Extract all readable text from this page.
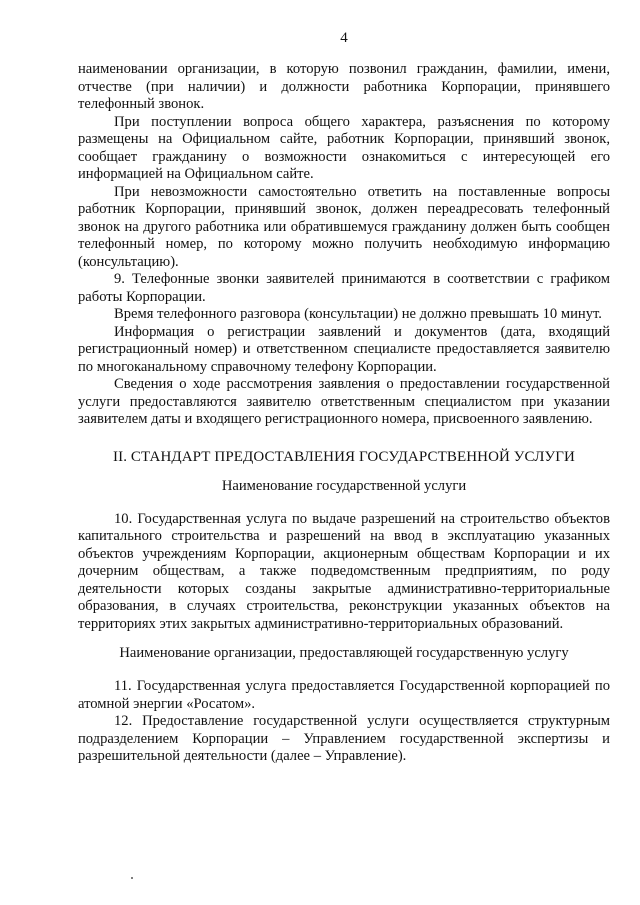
4

наименовании организации, в которую позвонил гражданин, фамилии, имени, отчестве (при наличии) и должности работника Корпорации, принявшего телефонный звонок.

При поступлении вопроса общего характера, разъяснения по которому размещены на Официальном сайте, работник Корпорации, принявший звонок, сообщает гражданину о возможности ознакомиться с интересующей его информацией на Официальном сайте.

При невозможности самостоятельно ответить на поставленные вопросы работник Корпорации, принявший звонок, должен переадресовать телефонный звонок на другого работника или обратившемуся гражданину должен быть сообщен телефонный номер, по которому можно получить необходимую информацию (консультацию).

9. Телефонные звонки заявителей принимаются в соответствии с графиком работы Корпорации.

Время телефонного разговора (консультации) не должно превышать 10 минут.

Информация о регистрации заявлений и документов (дата, входящий регистрационный номер) и ответственном специалисте предоставляется заявителю по многоканальному справочному телефону Корпорации.

Сведения о ходе рассмотрения заявления о предоставлении государственной услуги предоставляются заявителю ответственным специалистом при указании заявителем даты и входящего регистрационного номера, присвоенного заявлению.

II. СТАНДАРТ ПРЕДОСТАВЛЕНИЯ ГОСУДАРСТВЕННОЙ УСЛУГИ
Наименование государственной услуги

10. Государственная услуга по выдаче разрешений на строительство объектов капитального строительства и разрешений на ввод в эксплуатацию указанных объектов учреждениям Корпорации, акционерным обществам Корпорации и их дочерним обществам, а также подведомственным предприятиям, по роду деятельности которых созданы закрытые административно-территориальные образования, в случаях строительства, реконструкции указанных объектов на территориях этих закрытых административно-территориальных образований.

Наименование организации, предоставляющей государственную услугу

11. Государственная услуга предоставляется Государственной корпорацией по атомной энергии «Росатом».

12. Предоставление государственной услуги осуществляется структурным подразделением Корпорации – Управлением государственной экспертизы и разрешительной деятельности (далее – Управление).
